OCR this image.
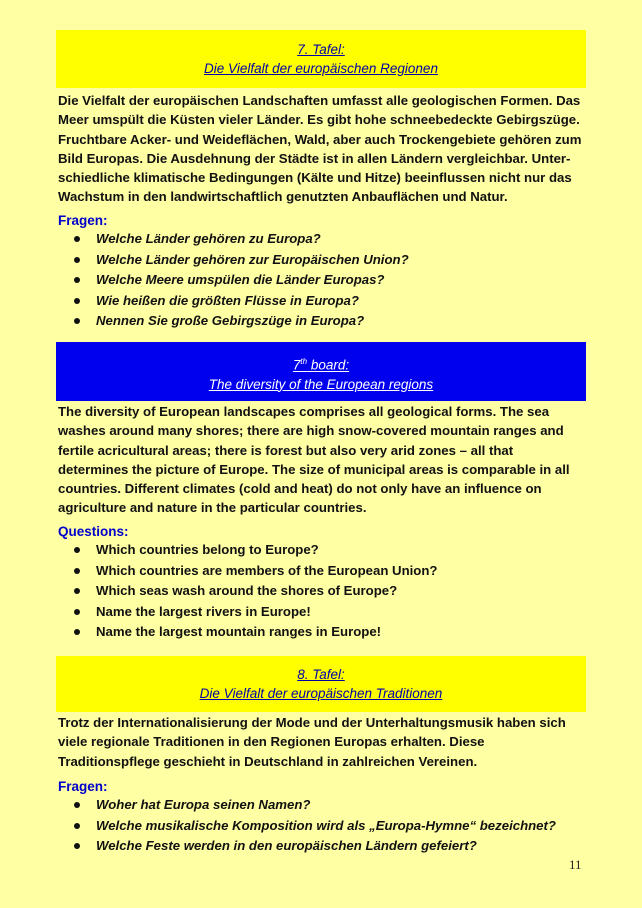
7. Tafel:
Die Vielfalt der europäischen Regionen
Die Vielfalt der europäischen Landschaften umfasst alle geologischen Formen. Das
Meer umspült die Küsten vieler Länder. Es gibt hohe schneebedeckte Gebirgszüge.
Fruchtbare Acker- und Weideflächen, Wald, aber auch Trockengebiete gehören zum
Bild Europas. Die Ausdehnung der Städte ist in allen Ländern vergleichbar. Unter-
schiedliche klimatische Bedingungen (Kälte und Hitze) beeinflussen nicht nur das
Wachstum in den landwirtschaftlich genutzten Anbauflächen und Natur.
Fragen:
Welche Länder gehören zu Europa?
Welche Länder gehören zur Europäischen Union?
Welche Meere umspülen die Länder Europas?
Wie heißen die größten Flüsse in Europa?
Nennen Sie große Gebirgszüge in Europa?
7th board:
The diversity of the European regions
The diversity of European landscapes comprises all geological forms. The sea
washes around many shores; there are high snow-covered mountain ranges and
fertile acricultural areas; there is forest but also very arid zones – all that
determines the picture of Europe. The size of municipal areas is comparable in all
countries. Different climates (cold and heat) do not only have an influence on
agriculture and nature in the particular countries.
Questions:
Which countries belong to Europe?
Which countries are members of the European Union?
Which seas wash around the shores of Europe?
Name the largest rivers in Europe!
Name the largest mountain ranges in Europe!
8. Tafel:
Die Vielfalt der europäischen Traditionen
Trotz der Internationalisierung der Mode und der Unterhaltungsmusik haben sich
viele regionale Traditionen in den Regionen Europas erhalten. Diese
Traditionspflege geschieht in Deutschland in zahlreichen Vereinen.
Fragen:
Woher hat Europa seinen Namen?
Welche musikalische Komposition wird als „Europa-Hymne“ bezeichnet?
Welche Feste werden in den europäischen Ländern gefeiert?
11
